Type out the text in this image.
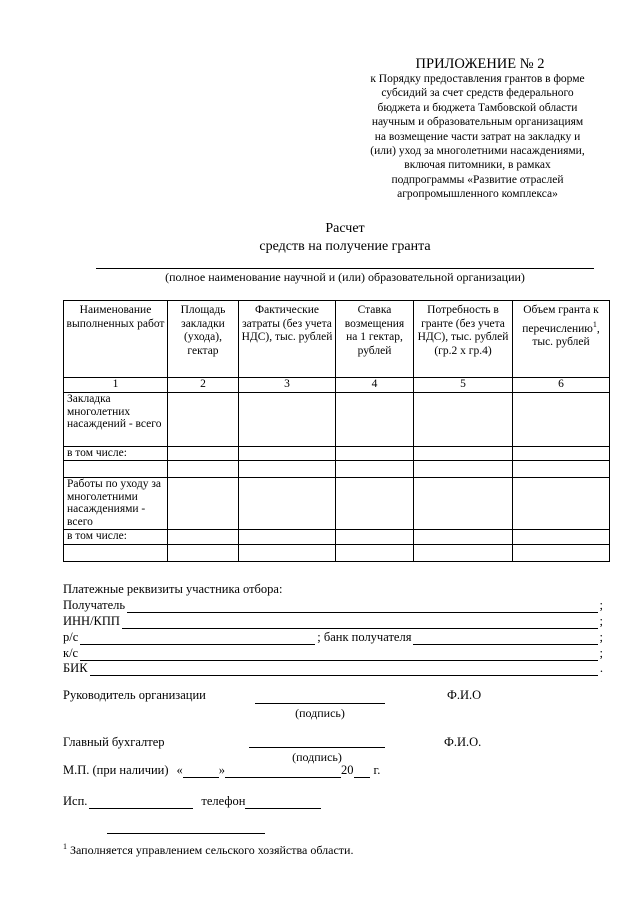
ПРИЛОЖЕНИЕ № 2
к Порядку предоставления грантов в форме
субсидий за счет средств федерального
бюджета и бюджета Тамбовской области
научным и образовательным организациям
на возмещение части затрат на закладку и
(или) уход за многолетними насаждениями,
включая питомники, в рамках
подпрограммы «Развитие отраслей
агропромышленного комплекса»
Расчет
средств на получение гранта
(полное наименование научной и (или) образовательной организации)
Наименование выполненных работ	Площадь закладки (ухода), гектар	Фактические затраты (без учета НДС), тыс. рублей	Ставка возмещения на 1 гектар, рублей	Потребность в гранте (без учета НДС), тыс. рублей (гр.2 х гр.4)	Объем гранта к перечислению$^1$, тыс. рублей
1	2	3	4	5	6
Закладка многолетних насаждений - всего					
в том числе:					

Работы по уходу за многолетними насаждениями - всего					
в том числе:					

Платежные реквизиты участника отбора:
Получатель	;
ИНН/КПП	;
р/с	; банк получателя	;
к/с	;
БИК	.
Руководитель организации
(подпись)
Ф.И.О
Главный бухгалтер
(подпись)
Ф.И.О.
М.П. (при наличии) «	»	20 г.
Исп.	телефон
$^1$ Заполняется управлением сельского хозяйства области.
